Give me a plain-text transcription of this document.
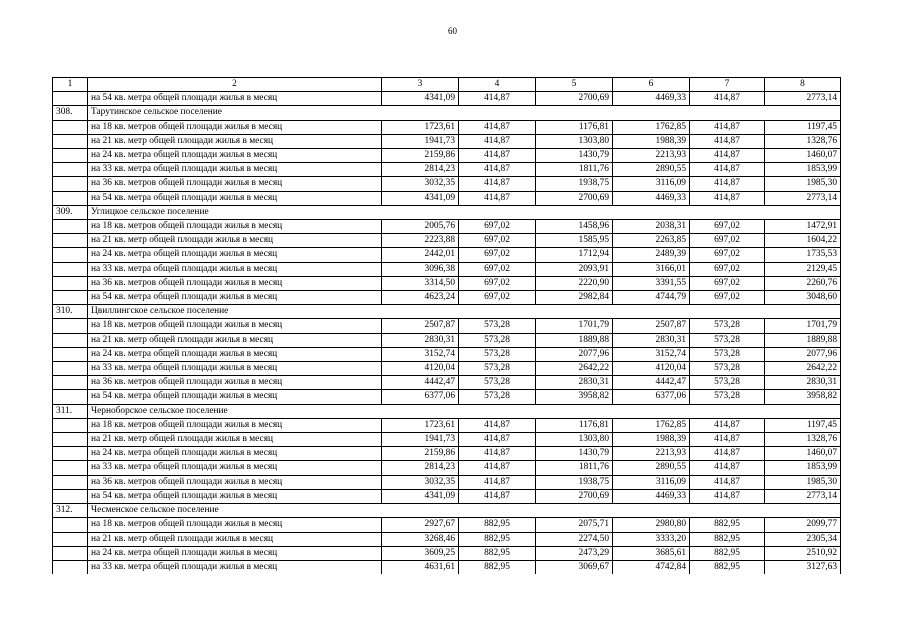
60
1	2	3	4	5	6	7	8
	на 54 кв. метра общей площади жилья в месяц	4341,09	414,87	2700,69	4469,33	414,87	2773,14
308.	Тарутинское сельское поселение						
	на 18 кв. метров общей площади жилья в месяц	1723,61	414,87	1176,81	1762,85	414,87	1197,45
	на 21 кв. метр общей площади жилья в месяц	1941,73	414,87	1303,80	1988,39	414,87	1328,76
	на 24 кв. метра общей площади жилья в месяц	2159,86	414,87	1430,79	2213,93	414,87	1460,07
	на 33 кв. метра общей площади жилья в месяц	2814,23	414,87	1811,76	2890,55	414,87	1853,99
	на 36 кв. метров общей площади жилья в месяц	3032,35	414,87	1938,75	3116,09	414,87	1985,30
	на 54 кв. метра общей площади жилья в месяц	4341,09	414,87	2700,69	4469,33	414,87	2773,14
309.	Углицкое сельское поселение						
	на 18 кв. метров общей площади жилья в месяц	2005,76	697,02	1458,96	2038,31	697,02	1472,91
	на 21 кв. метр общей площади жилья в месяц	2223,88	697,02	1585,95	2263,85	697,02	1604,22
	на 24 кв. метра общей площади жилья в месяц	2442,01	697,02	1712,94	2489,39	697,02	1735,53
	на 33 кв. метра общей площади жилья в месяц	3096,38	697,02	2093,91	3166,01	697,02	2129,45
	на 36 кв. метров общей площади жилья в месяц	3314,50	697,02	2220,90	3391,55	697,02	2260,76
	на 54 кв. метра общей площади жилья в месяц	4623,24	697,02	2982,84	4744,79	697,02	3048,60
310.	Цвиллингское сельское поселение						
	на 18 кв. метров общей площади жилья в месяц	2507,87	573,28	1701,79	2507,87	573,28	1701,79
	на 21 кв. метр общей площади жилья в месяц	2830,31	573,28	1889,88	2830,31	573,28	1889,88
	на 24 кв. метра общей площади жилья в месяц	3152,74	573,28	2077,96	3152,74	573,28	2077,96
	на 33 кв. метра общей площади жилья в месяц	4120,04	573,28	2642,22	4120,04	573,28	2642,22
	на 36 кв. метров общей площади жилья в месяц	4442,47	573,28	2830,31	4442,47	573,28	2830,31
	на 54 кв. метра общей площади жилья в месяц	6377,06	573,28	3958,82	6377,06	573,28	3958,82
311.	Черноборское сельское поселение						
	на 18 кв. метров общей площади жилья в месяц	1723,61	414,87	1176,81	1762,85	414,87	1197,45
	на 21 кв. метр общей площади жилья в месяц	1941,73	414,87	1303,80	1988,39	414,87	1328,76
	на 24 кв. метра общей площади жилья в месяц	2159,86	414,87	1430,79	2213,93	414,87	1460,07
	на 33 кв. метра общей площади жилья в месяц	2814,23	414,87	1811,76	2890,55	414,87	1853,99
	на 36 кв. метров общей площади жилья в месяц	3032,35	414,87	1938,75	3116,09	414,87	1985,30
	на 54 кв. метра общей площади жилья в месяц	4341,09	414,87	2700,69	4469,33	414,87	2773,14
312.	Чесменское сельское поселение						
	на 18 кв. метров общей площади жилья в месяц	2927,67	882,95	2075,71	2980,80	882,95	2099,77
	на 21 кв. метр общей площади жилья в месяц	3268,46	882,95	2274,50	3333,20	882,95	2305,34
	на 24 кв. метра общей площади жилья в месяц	3609,25	882,95	2473,29	3685,61	882,95	2510,92
	на 33 кв. метра общей площади жилья в месяц	4631,61	882,95	3069,67	4742,84	882,95	3127,63
